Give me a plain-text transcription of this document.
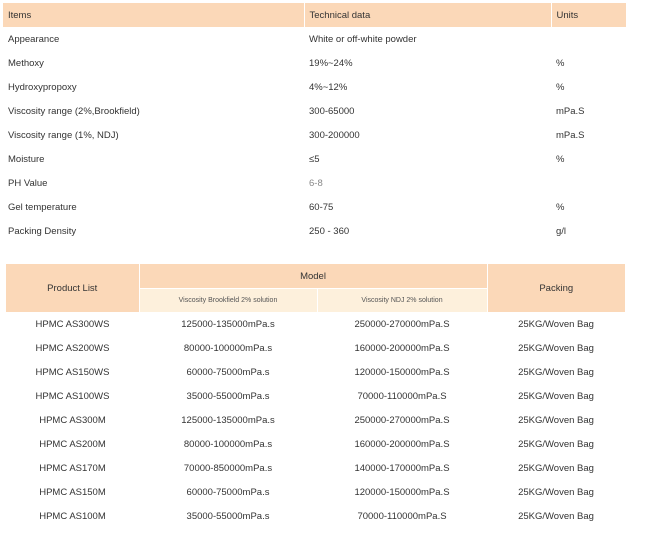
Items	Technical data	Units
Appearance	White or off-white powder	
Methoxy	19%~24%	%
Hydroxypropoxy	4%~12%	%
Viscosity range (2%,Brookfield)	300-65000	mPa.S
Viscosity range (1%, NDJ)	300-200000	mPa.S
Moisture	≤5	%
PH Value	6-8	
Gel temperature	60-75	%
Packing Density	250 - 360	g/l
Product List	Model		Packing
	Viscosity Brookfield 2% solution	Viscosity NDJ 2% solution	
HPMC AS300WS	125000-135000mPa.s	250000-270000mPa.S	25KG/Woven Bag
HPMC AS200WS	80000-100000mPa.s	160000-200000mPa.S	25KG/Woven Bag
HPMC AS150WS	60000-75000mPa.s	120000-150000mPa.S	25KG/Woven Bag
HPMC AS100WS	35000-55000mPa.s	70000-110000mPa.S	25KG/Woven Bag
HPMC AS300M	125000-135000mPa.s	250000-270000mPa.S	25KG/Woven Bag
HPMC AS200M	80000-100000mPa.s	160000-200000mPa.S	25KG/Woven Bag
HPMC AS170M	70000-850000mPa.s	140000-170000mPa.S	25KG/Woven Bag
HPMC AS150M	60000-75000mPa.s	120000-150000mPa.S	25KG/Woven Bag
HPMC AS100M	35000-55000mPa.s	70000-110000mPa.S	25KG/Woven Bag
